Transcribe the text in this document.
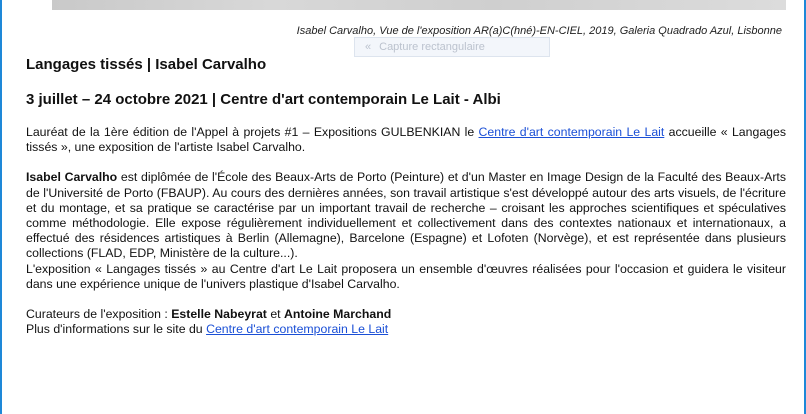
Isabel Carvalho, Vue de l'exposition AR(a)C(hné)-EN-CIEL, 2019, Galeria Quadrado Azul, Lisbonne
« Capture rectangulaire
Langages tissés | Isabel Carvalho
3 juillet – 24 octobre 2021 | Centre d'art contemporain Le Lait - Albi

Lauréat de la 1ère édition de l'Appel à projets #1 – Expositions GULBENKIAN le Centre d'art contemporain Le Lait accueille « Langages tissés », une exposition de l'artiste Isabel Carvalho.

Isabel Carvalho est diplômée de l'École des Beaux-Arts de Porto (Peinture) et d'un Master en Image Design de la Faculté des Beaux-Arts de l'Université de Porto (FBAUP). Au cours des dernières années, son travail artistique s'est développé autour des arts visuels, de l'écriture et du montage, et sa pratique se caractérise par un important travail de recherche – croisant les approches scientifiques et spéculatives comme méthodologie. Elle expose régulièrement individuellement et collectivement dans des contextes nationaux et internationaux, a effectué des résidences artistiques à Berlin (Allemagne), Barcelone (Espagne) et Lofoten (Norvège), et est représentée dans plusieurs collections (FLAD, EDP, Ministère de la culture...).

L'exposition « Langages tissés » au Centre d'art Le Lait proposera un ensemble d'œuvres réalisées pour l'occasion et guidera le visiteur dans une expérience unique de l'univers plastique d'Isabel Carvalho.

Curateurs de l'exposition : Estelle Nabeyrat et Antoine Marchand

Plus d'informations sur le site du Centre d'art contemporain Le Lait
